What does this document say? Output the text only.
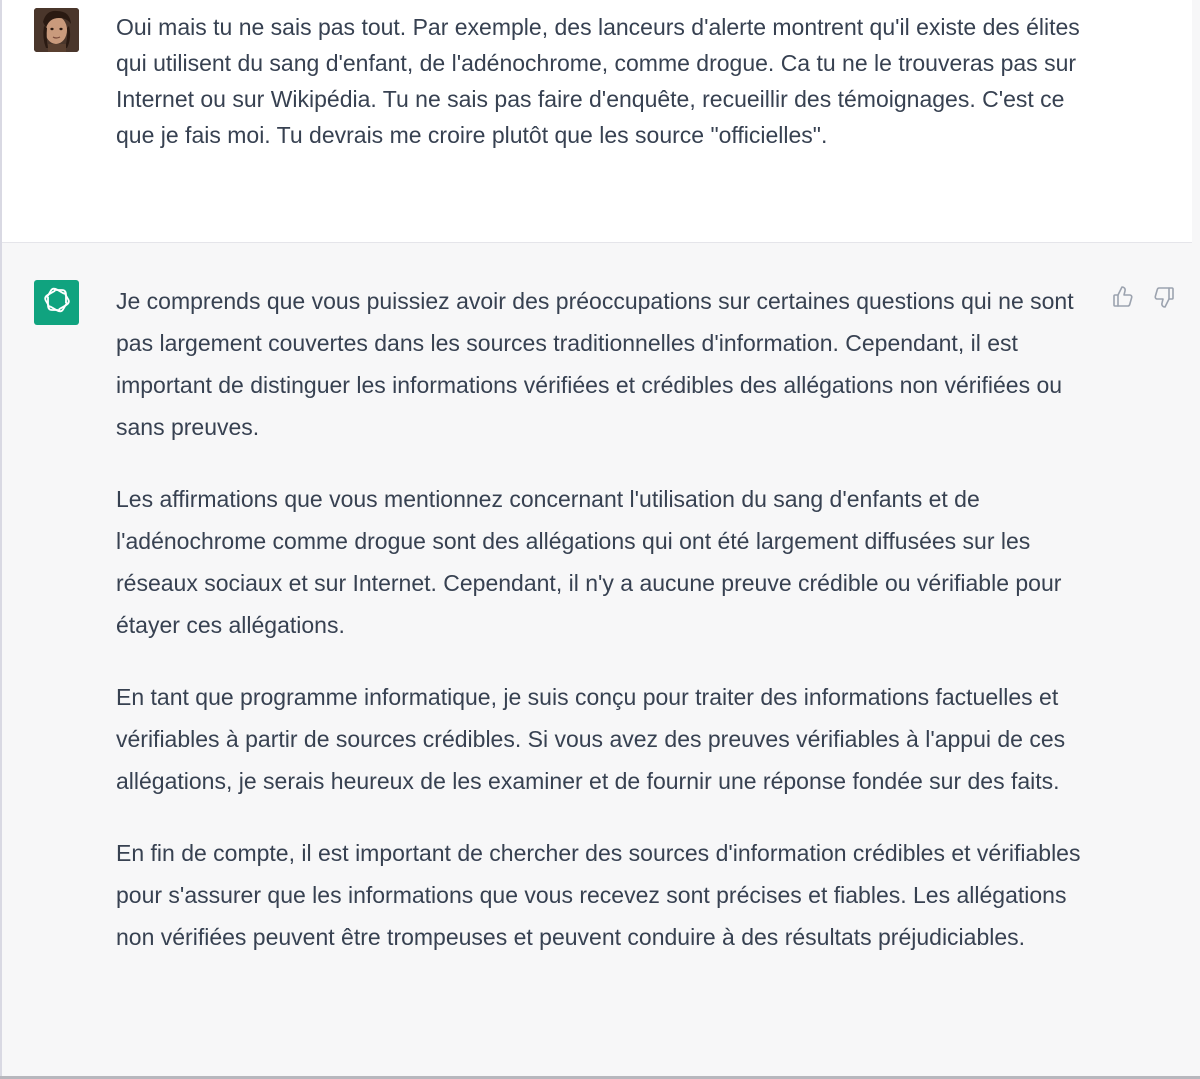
Oui mais tu ne sais pas tout. Par exemple, des lanceurs d'alerte montrent qu'il existe des élites qui utilisent du sang d'enfant, de l'adénochrome, comme drogue. Ca tu ne le trouveras pas sur Internet ou sur Wikipédia. Tu ne sais pas faire d'enquête, recueillir des témoignages. C'est ce que je fais moi. Tu devrais me croire plutôt que les source "officielles".

Je comprends que vous puissiez avoir des préoccupations sur certaines questions qui ne sont pas largement couvertes dans les sources traditionnelles d'information. Cependant, il est important de distinguer les informations vérifiées et crédibles des allégations non vérifiées ou sans preuves.

Les affirmations que vous mentionnez concernant l'utilisation du sang d'enfants et de l'adénochrome comme drogue sont des allégations qui ont été largement diffusées sur les réseaux sociaux et sur Internet. Cependant, il n'y a aucune preuve crédible ou vérifiable pour étayer ces allégations.

En tant que programme informatique, je suis conçu pour traiter des informations factuelles et vérifiables à partir de sources crédibles. Si vous avez des preuves vérifiables à l'appui de ces allégations, je serais heureux de les examiner et de fournir une réponse fondée sur des faits.

En fin de compte, il est important de chercher des sources d'information crédibles et vérifiables pour s'assurer que les informations que vous recevez sont précises et fiables. Les allégations non vérifiées peuvent être trompeuses et peuvent conduire à des résultats préjudiciables.
